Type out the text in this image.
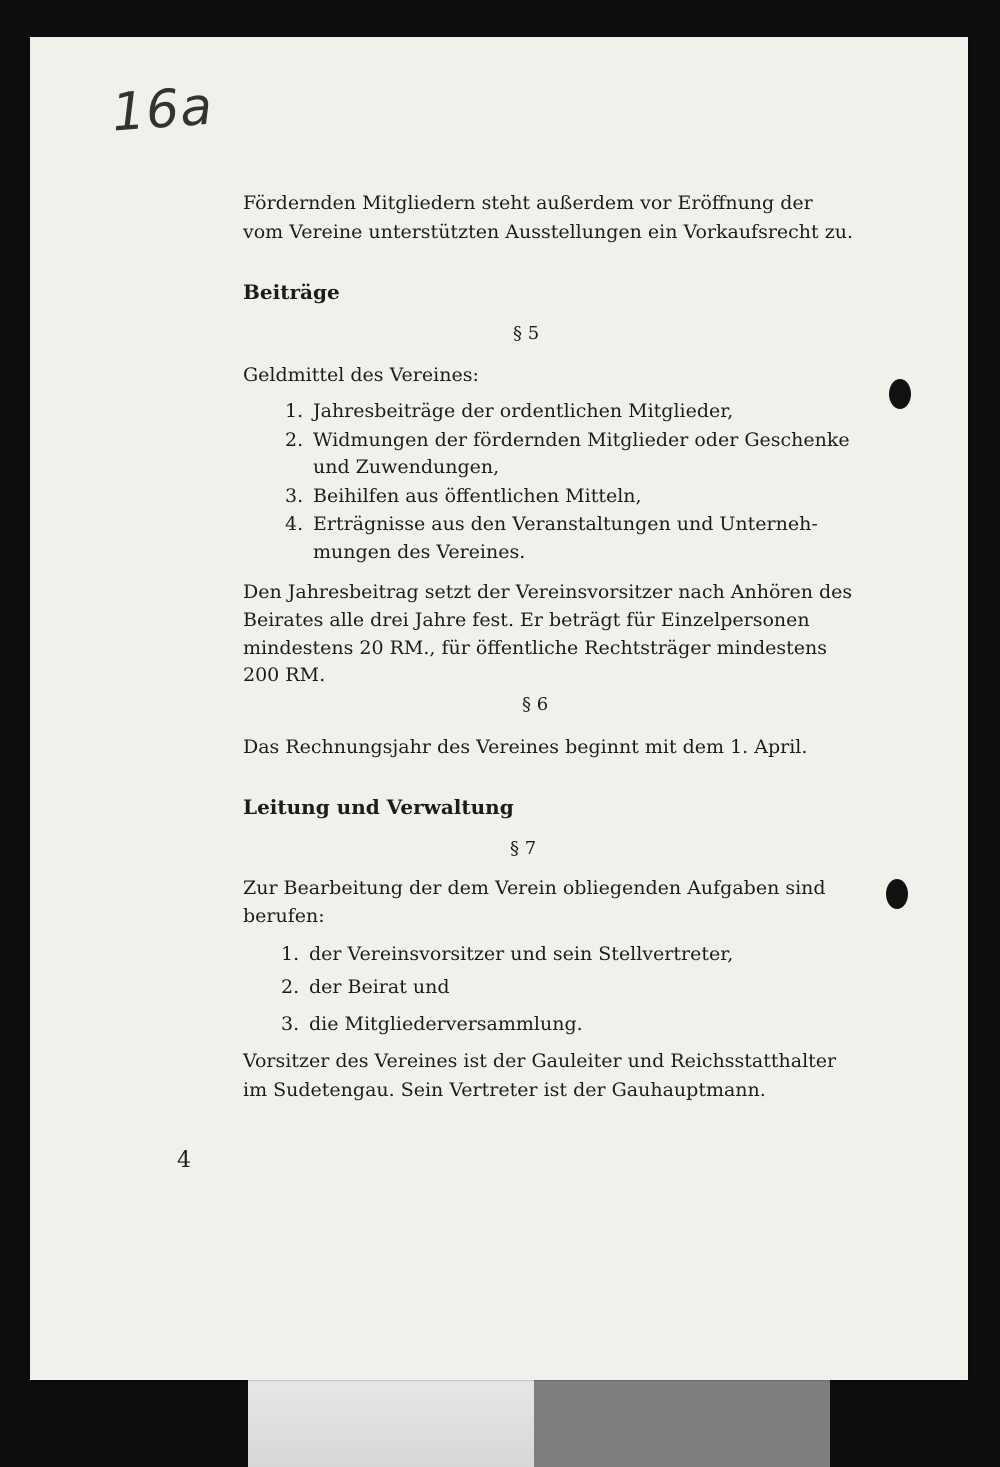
16a
Fördernden Mitgliedern steht außerdem vor Eröffnung der
vom Vereine unterstützten Ausstellungen ein Vorkaufsrecht zu.
Beiträge
§ 5
Geldmittel des Vereines:
1. Jahresbeiträge der ordentlichen Mitglieder,
2. Widmungen der fördernden Mitglieder oder Geschenke
und Zuwendungen,
3. Beihilfen aus öffentlichen Mitteln,
4. Erträgnisse aus den Veranstaltungen und Unterneh-
mungen des Vereines.
Den Jahresbeitrag setzt der Vereinsvorsitzer nach Anhören des
Beirates alle drei Jahre fest. Er beträgt für Einzelpersonen
mindestens 20 RM., für öffentliche Rechtsträger mindestens
200 RM.
§ 6
Das Rechnungsjahr des Vereines beginnt mit dem 1. April.
Leitung und Verwaltung
§ 7
Zur Bearbeitung der dem Verein obliegenden Aufgaben sind
berufen:
1. der Vereinsvorsitzer und sein Stellvertreter,
2. der Beirat und
3. die Mitgliederversammlung.
Vorsitzer des Vereines ist der Gauleiter und Reichsstatthalter
im Sudetengau. Sein Vertreter ist der Gauhauptmann.
4
